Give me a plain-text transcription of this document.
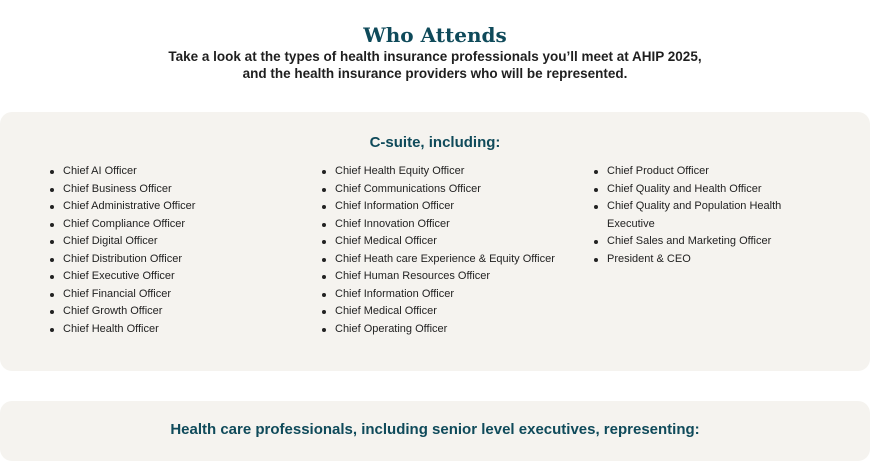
Who Attends
Take a look at the types of health insurance professionals you’ll meet at AHIP 2025,
and the health insurance providers who will be represented.
C-suite, including:
Chief AI Officer
Chief Business Officer
Chief Administrative Officer
Chief Compliance Officer
Chief Digital Officer
Chief Distribution Officer
Chief Executive Officer
Chief Financial Officer
Chief Growth Officer
Chief Health Officer
Chief Health Equity Officer
Chief Communications Officer
Chief Information Officer
Chief Innovation Officer
Chief Medical Officer
Chief Heath care Experience & Equity Officer
Chief Human Resources Officer
Chief Information Officer
Chief Medical Officer
Chief Operating Officer
Chief Product Officer
Chief Quality and Health Officer
Chief Quality and Population Health Executive
Chief Sales and Marketing Officer
President & CEO
Health care professionals, including senior level executives, representing:
